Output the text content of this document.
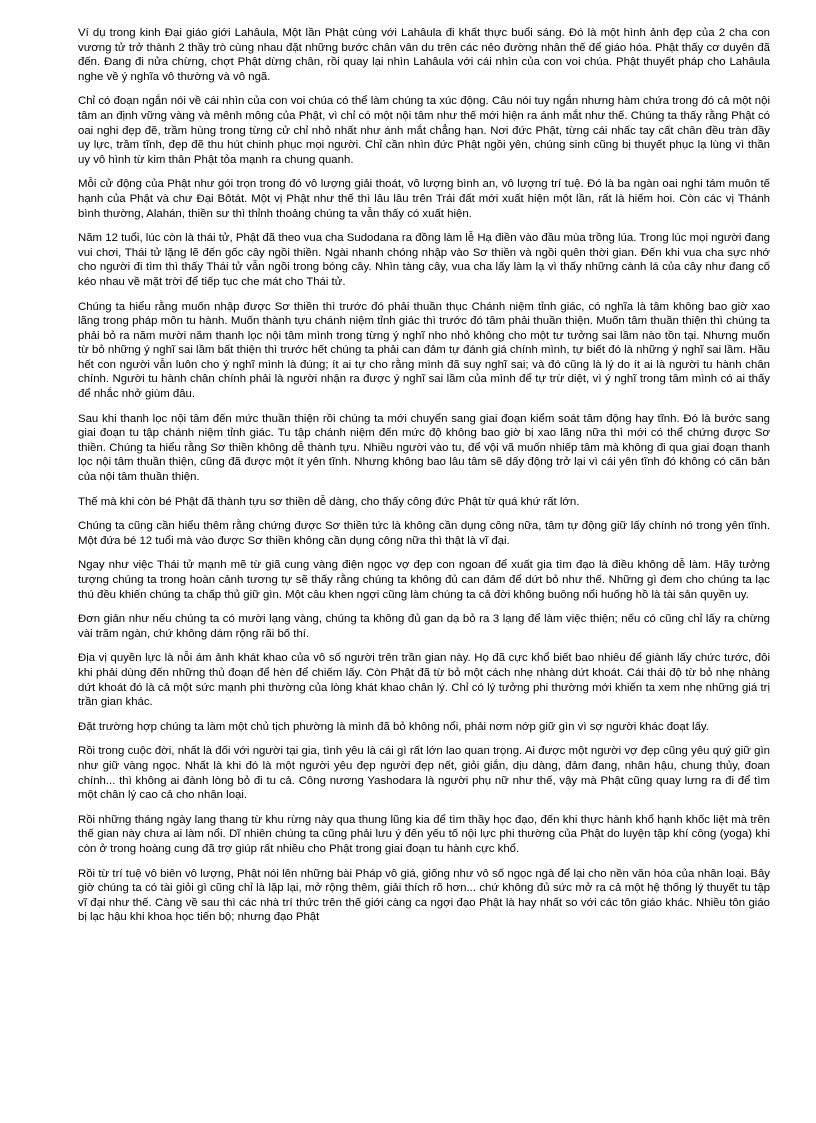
Ví dụ trong kinh Đại giáo giới Lahâula, Một lần Phật cùng với Lahâula đi khất thực buổi sáng. Đó là một hình ảnh đẹp của 2 cha con vương tử trở thành 2 thầy trò cùng nhau đặt những bước chân vân du trên các nẻo đường nhân thế để giáo hóa. Phật thấy cơ duyên đã đến. Đang đi nửa chừng, chợt Phật dừng chân, rồi quay lại nhìn Lahâula với cái nhìn của con voi chúa. Phật thuyết pháp cho Lahâula nghe về ý nghĩa vô thường và vô ngã.

Chỉ có đoạn ngắn nói về cái nhìn của con voi chúa có thể làm chúng ta xúc động. Câu nói tuy ngắn nhưng hàm chứa trong đó cả một nội tâm an định vững vàng và mênh mông của Phật, vì chỉ có một nội tâm như thế mới hiện ra ánh mắt như thế. Chúng ta thấy rằng Phật có oai nghi đẹp đẽ, trầm hùng trong từng cử chỉ nhỏ nhất như ánh mắt chẳng hạn. Nơi đức Phật, từng cái nhấc tay cất chân đều tràn đầy uy lực, trầm tĩnh, đẹp đẽ thu hút chinh phục mọi người. Chỉ cần nhìn đức Phật ngồi yên, chúng sinh cũng bị thuyết phục lạ lùng vì thần uy vô hình từ kim thân Phật tỏa mạnh ra chung quanh.

Mỗi cử động của Phật như gói trọn trong đó vô lượng giải thoát, vô lượng bình an, vô lượng trí tuệ. Đó là ba ngàn oai nghi tám muôn tế hạnh của Phật và chư Đại Bôtát. Một vị Phật như thế thì lâu lâu trên Trái đất mới xuất hiện một lần, rất là hiếm hoi. Còn các vị Thánh bình thường, Alahán, thiền sư thì thỉnh thoảng chúng ta vẫn thấy có xuất hiện.

Năm 12 tuổi, lúc còn là thái tử, Phật đã theo vua cha Sudodana ra đồng làm lễ Hạ điền vào đầu mùa trồng lúa. Trong lúc mọi người đang vui chơi, Thái tử lặng lẽ đến gốc cây ngồi thiền. Ngài nhanh chóng nhập vào Sơ thiền và ngồi quên thời gian. Đến khi vua cha sực nhớ cho người đi tìm thì thấy Thái tử vẫn ngồi trong bóng cây. Nhìn tàng cây, vua cha lấy làm lạ vì thấy những cành lá của cây như đang cố kéo nhau về mặt trời để tiếp tục che mát cho Thái tử.

Chúng ta hiểu rằng muốn nhập được Sơ thiền thì trước đó phải thuần thục Chánh niệm tỉnh giác, có nghĩa là tâm không bao giờ xao lãng trong pháp môn tu hành. Muốn thành tựu chánh niệm tỉnh giác thì trước đó tâm phải thuần thiện. Muốn tâm thuần thiện thì chúng ta phải bỏ ra năm mười năm thanh lọc nội tâm mình trong từng ý nghĩ nho nhỏ không cho một tư tưởng sai lầm nào tồn tại. Nhưng muốn từ bỏ những ý nghĩ sai lầm bất thiện thì trước hết chúng ta phải can đảm tự đánh giá chính mình, tự biết đó là những ý nghĩ sai lầm. Hầu hết con người vẫn luôn cho ý nghĩ mình là đúng; ít ai tự cho rằng mình đã suy nghĩ sai; và đó cũng là lý do ít ai là người tu hành chân chính. Người tu hành chân chính phải là người nhận ra được ý nghĩ sai lầm của mình để tự trừ diệt, vì ý nghĩ trong tâm mình có ai thấy để nhắc nhở giùm đâu.

Sau khi thanh lọc nội tâm đến mức thuần thiện rồi chúng ta mới chuyển sang giai đoạn kiểm soát tâm động hay tĩnh. Đó là bước sang giai đoạn tu tập chánh niệm tỉnh giác. Tu tập chánh niệm đến mức độ không bao giờ bị xao lãng nữa thì mới có thể chứng được Sơ thiền. Chúng ta hiểu rằng Sơ thiền không dễ thành tựu. Nhiều người vào tu, để vội vã muốn nhiếp tâm mà không đi qua giai đoạn thanh lọc nội tâm thuần thiện, cũng đã được một ít yên tĩnh. Nhưng không bao lâu tâm sẽ dấy động trở lại vì cái yên tĩnh đó không có căn bản của nội tâm thuần thiện.

Thế mà khi còn bé Phật đã thành tựu sơ thiền dễ dàng, cho thấy công đức Phật từ quá khứ rất lớn.

Chúng ta cũng cần hiểu thêm rằng chứng được Sơ thiền tức là không cần dụng công nữa, tâm tự động giữ lấy chính nó trong yên tĩnh. Một đứa bé 12 tuổi mà vào được Sơ thiền không cần dụng công nữa thì thật là vĩ đại.

Ngay như việc Thái tử mạnh mẽ từ giã cung vàng điện ngọc vợ đẹp con ngoan để xuất gia tìm đạo là điều không dễ làm. Hãy tưởng tượng chúng ta trong hoàn cảnh tương tự sẽ thấy rằng chúng ta không đủ can đảm để dứt bỏ như thế. Những gì đem cho chúng ta lạc thú đều khiến chúng ta chấp thủ giữ gìn. Một câu khen ngợi cũng làm chúng ta cả đời không buông nổi huống hồ là tài sản quyền uy.

Đơn giản như nếu chúng ta có mười lạng vàng, chúng ta không đủ gan dạ bỏ ra 3 lạng để làm việc thiện; nếu có cũng chỉ lấy ra chừng vài trăm ngàn, chứ không dám rộng rãi bố thí.

Địa vị quyền lực là nỗi ám ảnh khát khao của vô số người trên trần gian này. Họ đã cực khổ biết bao nhiêu để giành lấy chức tước, đôi khi phải dùng đến những thủ đoạn để hèn để chiếm lấy. Còn Phật đã từ bỏ một cách nhẹ nhàng dứt khoát. Cái thái độ từ bỏ nhẹ nhàng dứt khoát đó là cả một sức mạnh phi thường của lòng khát khao chân lý. Chỉ có lý tưởng phi thường mới khiến ta xem nhẹ những giá trị trần gian khác.

Đặt trường hợp chúng ta làm một chủ tịch phường là mình đã bỏ không nổi, phải nơm nớp giữ gìn vì sợ người khác đoạt lấy.

Rồi trong cuộc đời, nhất là đối với người tại gia, tình yêu là cái gì rất lớn lao quan trọng. Ai được một người vợ đẹp cũng yêu quý giữ gìn như giữ vàng ngọc. Nhất là khi đó là một người yêu đẹp người đẹp nết, giỏi giắn, dịu dàng, đảm đang, nhân hậu, chung thủy, đoan chính... thì không ai đành lòng bỏ đi tu cả. Công nương Yashodara là người phụ nữ như thế, vậy mà Phật cũng quay lưng ra đi để tìm một chân lý cao cả cho nhân loại.

Rồi những tháng ngày lang thang từ khu rừng này qua thung lũng kia để tìm thầy học đạo, đến khi thực hành khổ hạnh khốc liệt mà trên thế gian này chưa ai làm nổi. Dĩ nhiên chúng ta cũng phải lưu ý đến yếu tố nội lực phi thường của Phật do luyện tập khí công (yoga) khi còn ở trong hoàng cung đã trợ giúp rất nhiều cho Phật trong giai đoạn tu hành cực khổ.

Rồi từ trí tuệ vô biên vô lượng, Phật nói lên những bài Pháp vô giá, giống như vô số ngọc ngà để lại cho nền văn hóa của nhân loại. Bây giờ chúng ta có tài giỏi gì cũng chỉ là lặp lại, mở rộng thêm, giải thích rõ hơn... chứ không đủ sức mở ra cả một hệ thống lý thuyết tu tập vĩ đại như thế. Càng về sau thì các nhà trí thức trên thế giới càng ca ngợi đạo Phật là hay nhất so với các tôn giáo khác. Nhiều tôn giáo bị lạc hậu khi khoa học tiến bộ; nhưng đạo Phật
